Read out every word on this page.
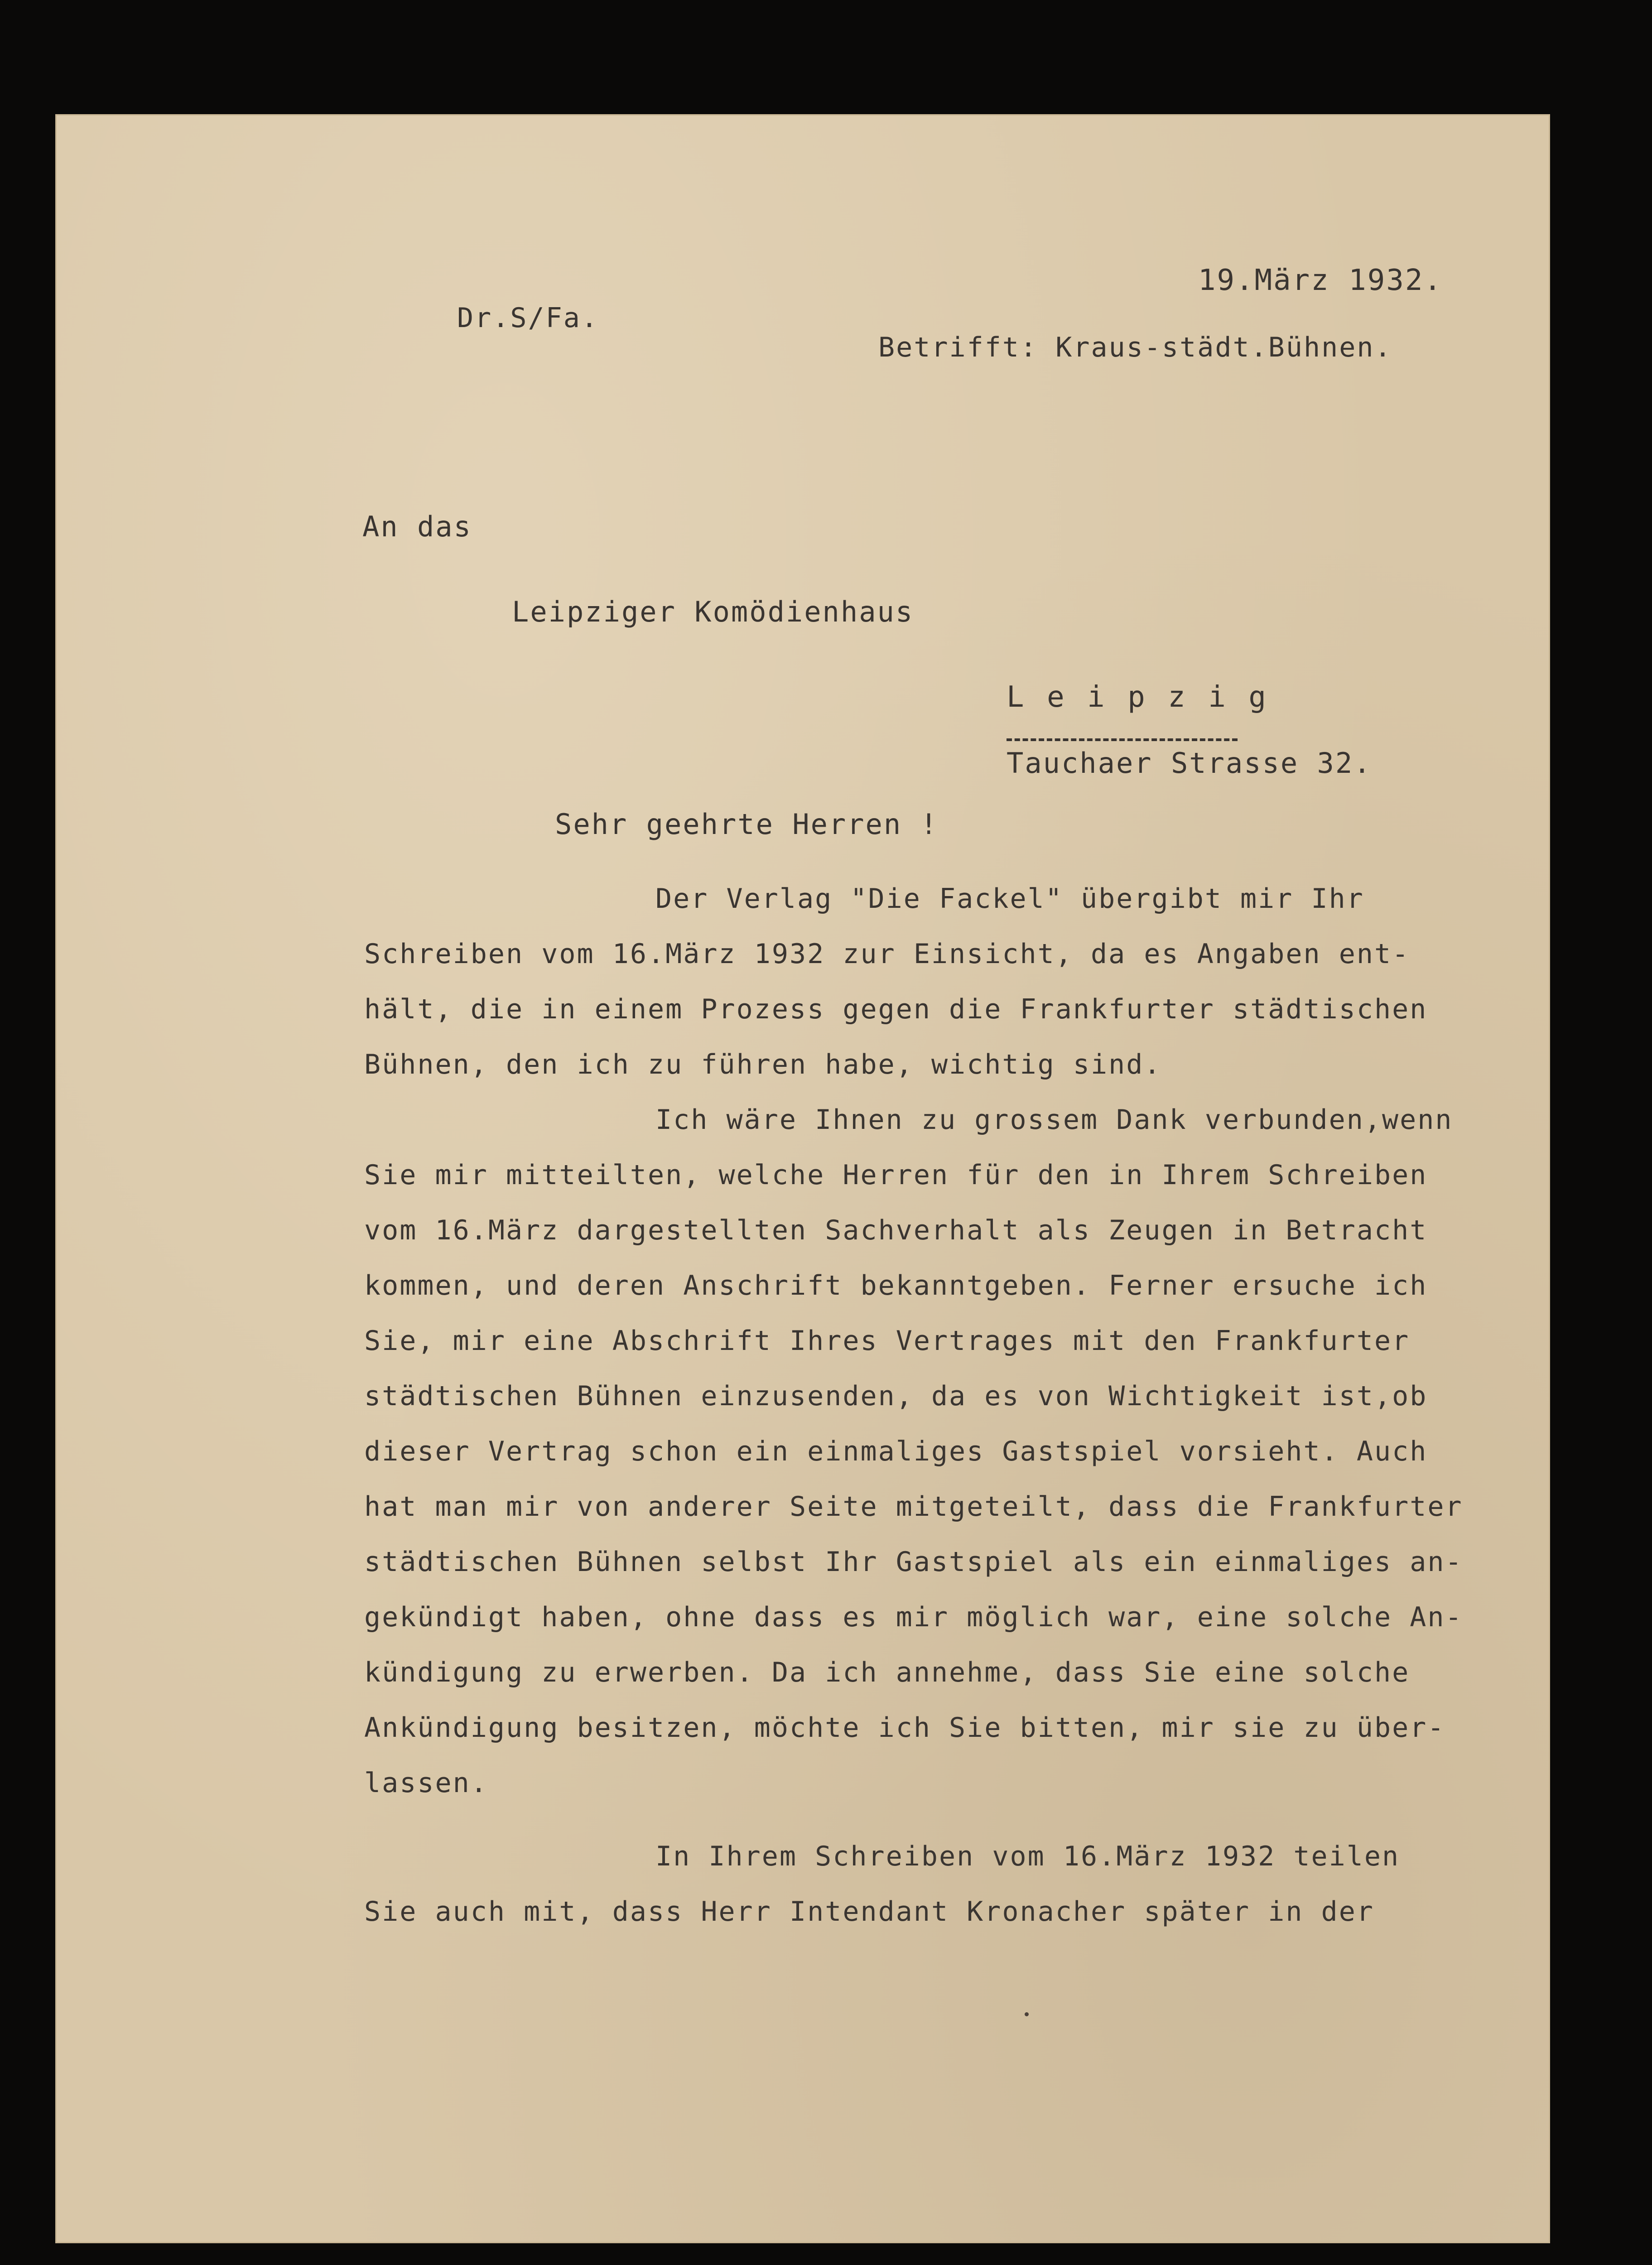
19.März 1932.
Dr.S/Fa.
Betrifft: Kraus-städt.Bühnen.
An das
Leipziger Komödienhaus
L e i p z i g
Tauchaer Strasse 32.
Sehr geehrte Herren !
Der Verlag "Die Fackel" übergibt mir Ihr
Schreiben vom 16.März 1932 zur Einsicht, da es Angaben ent-
hält, die in einem Prozess gegen die Frankfurter städtischen
Bühnen, den ich zu führen habe, wichtig sind.
Ich wäre Ihnen zu grossem Dank verbunden,wenn
Sie mir mitteilten, welche Herren für den in Ihrem Schreiben
vom 16.März dargestellten Sachverhalt als Zeugen in Betracht
kommen, und deren Anschrift bekanntgeben. Ferner ersuche ich
Sie, mir eine Abschrift Ihres Vertrages mit den Frankfurter
städtischen Bühnen einzusenden, da es von Wichtigkeit ist,ob
dieser Vertrag schon ein einmaliges Gastspiel vorsieht. Auch
hat man mir von anderer Seite mitgeteilt, dass die Frankfurter
städtischen Bühnen selbst Ihr Gastspiel als ein einmaliges an-
gekündigt haben, ohne dass es mir möglich war, eine solche An-
kündigung zu erwerben. Da ich annehme, dass Sie eine solche
Ankündigung besitzen, möchte ich Sie bitten, mir sie zu über-
lassen.
In Ihrem Schreiben vom 16.März 1932 teilen
Sie auch mit, dass Herr Intendant Kronacher später in der
